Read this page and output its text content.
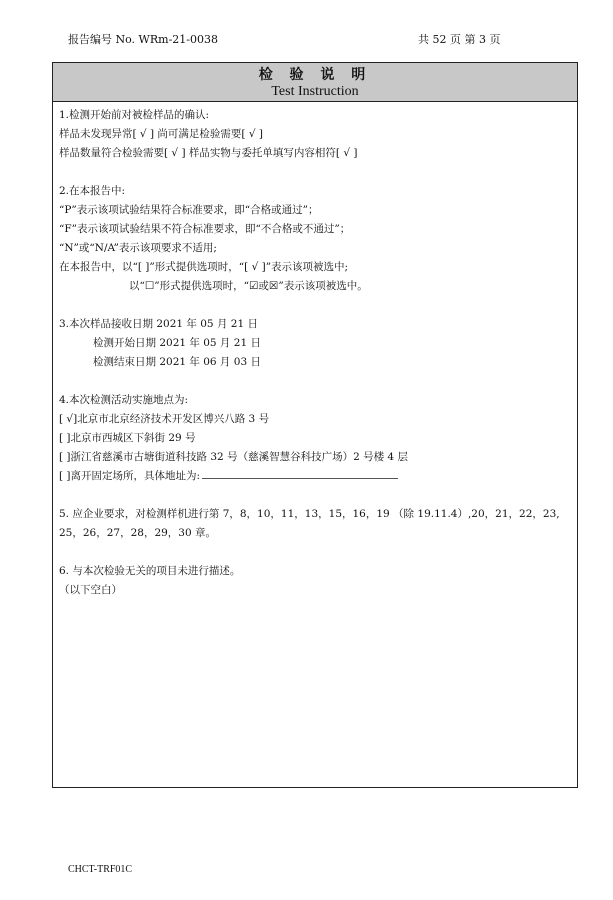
报告编号 No. WRm-21-0038	共 52 页 第 3 页
检 验 说 明
Test Instruction

1.检测开始前对被检样品的确认:

样品未发现异常[ √ ] 尚可满足检验需要[ √ ]

样品数量符合检验需要[ √ ] 样品实物与委托单填写内容相符[ √ ]

2.在本报告中:

“P”表示该项试验结果符合标准要求，即“合格或通过”；

“F”表示该项试验结果不符合标准要求，即“不合格或不通过”；

“N”或“N/A”表示该项要求不适用;

在本报告中，以“[ ]”形式提供选项时，“[ √ ]”表示该项被选中;

以“☐”形式提供选项时，“☑或☒”表示该项被选中。

3.本次样品接收日期 2021 年 05 月 21 日

检测开始日期 2021 年 05 月 21 日

检测结束日期 2021 年 06 月 03 日

4.本次检测活动实施地点为:

[ √]北京市北京经济技术开发区博兴八路 3 号

[ ]北京市西城区下斜街 29 号

[ ]浙江省慈溪市古塘街道科技路 32 号（慈溪智慧谷科技广场）2 号楼 4 层

[ ]离开固定场所，具体地址为:

5. 应企业要求，对检测样机进行第 7，8，10，11，13，15，16，19 （除 19.11.4）,20，21，22，23, 25，26，27，28，29，30 章。

6. 与本次检验无关的项目未进行描述。

（以下空白）

CHCT-TRF01C
